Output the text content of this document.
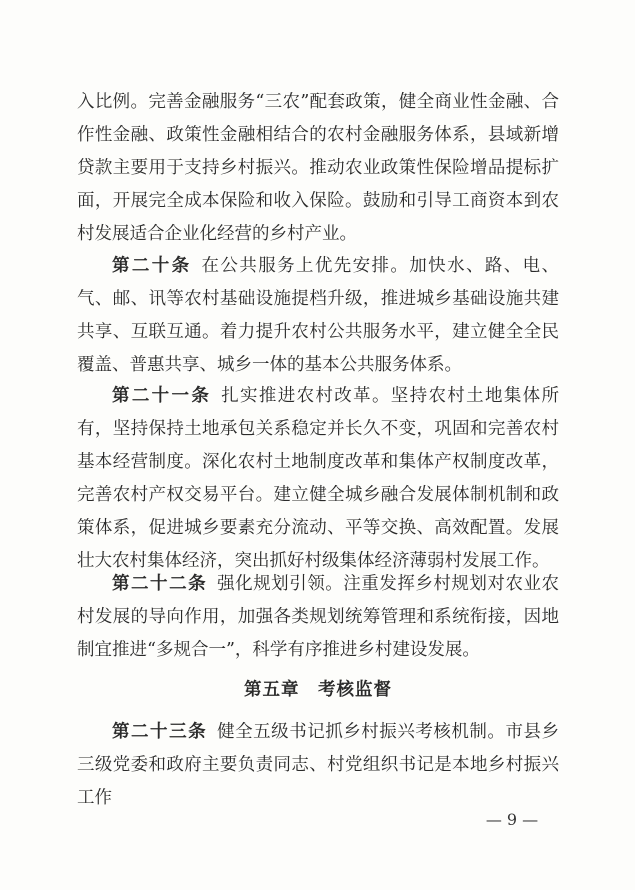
入比例。完善金融服务“三农”配套政策，健全商业性金融、合作性金融、政策性金融相结合的农村金融服务体系，县域新增贷款主要用于支持乡村振兴。推动农业政策性保险增品提标扩面，开展完全成本保险和收入保险。鼓励和引导工商资本到农村发展适合企业化经营的乡村产业。

第二十条 在公共服务上优先安排。加快水、路、电、气、邮、讯等农村基础设施提档升级，推进城乡基础设施共建共享、互联互通。着力提升农村公共服务水平，建立健全全民覆盖、普惠共享、城乡一体的基本公共服务体系。

第二十一条 扎实推进农村改革。坚持农村土地集体所有，坚持保持土地承包关系稳定并长久不变，巩固和完善农村基本经营制度。深化农村土地制度改革和集体产权制度改革，完善农村产权交易平台。建立健全城乡融合发展体制机制和政策体系，促进城乡要素充分流动、平等交换、高效配置。发展壮大农村集体经济，突出抓好村级集体经济薄弱村发展工作。

第二十二条 强化规划引领。注重发挥乡村规划对农业农村发展的导向作用，加强各类规划统筹管理和系统衔接，因地制宜推进“多规合一”，科学有序推进乡村建设发展。

第五章　考核监督

第二十三条 健全五级书记抓乡村振兴考核机制。市县乡三级党委和政府主要负责同志、村党组织书记是本地乡村振兴工作

— 9 —
